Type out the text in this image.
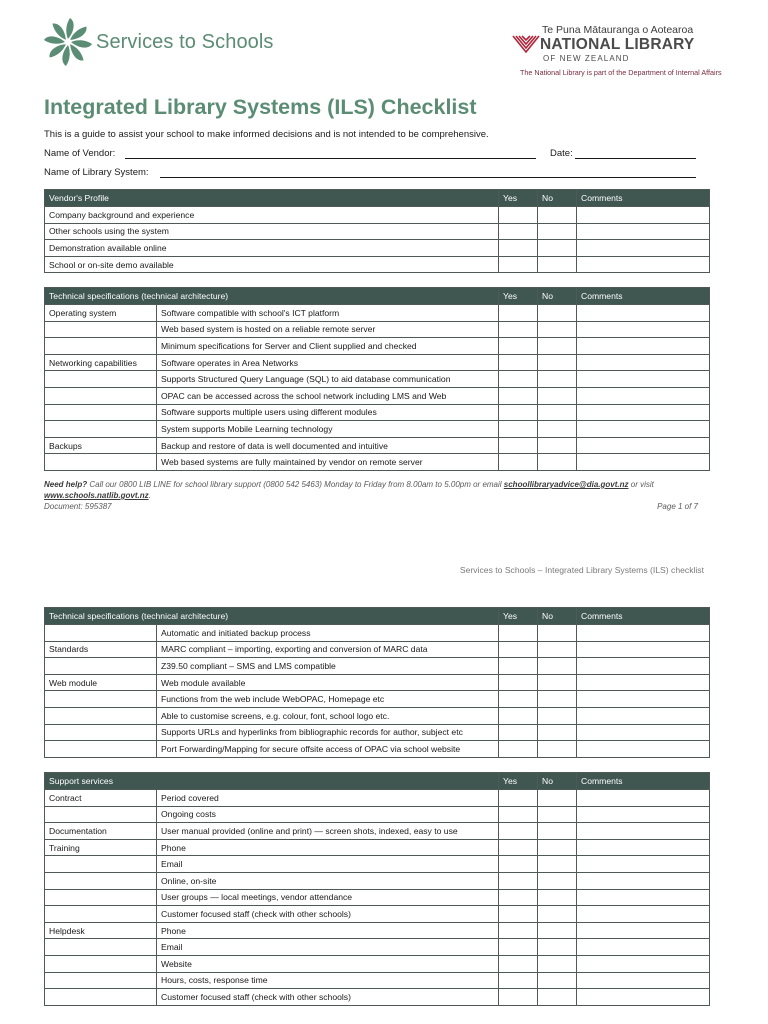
Services to Schools
Te Puna Mātauranga o Aotearoa
NATIONAL LIBRARY
OF NEW ZEALAND
The National Library is part of the Department of Internal Affairs
Integrated Library Systems (ILS) Checklist

This is a guide to assist your school to make informed decisions and is not intended to be comprehensive.

Name of Vendor:	Date:
Name of Library System:
Vendor's Profile	Yes	No	Comments
Company background and experience			
Other schools using the system			
Demonstration available online			
School or on-site demo available			
Technical specifications (technical architecture)		Yes	No	Comments
Operating system	Software compatible with school's ICT platform			
	Web based system is hosted on a reliable remote server			
	Minimum specifications for Server and Client supplied and checked			
Networking capabilities	Software operates in Area Networks			
	Supports Structured Query Language (SQL) to aid database communication			
	OPAC can be accessed across the school network including LMS and Web			
	Software supports multiple users using different modules			
	System supports Mobile Learning technology			
Backups	Backup and restore of data is well documented and intuitive			
	Web based systems are fully maintained by vendor on remote server			

Need help? Call our 0800 LIB LINE for school library support (0800 542 5463) Monday to Friday from 8.00am to 5.00pm or email schoollibraryadvice@dia.govt.nz or visit
www.schools.natlib.govt.nz.

Document: 595387	Page 1 of 7
Services to Schools – Integrated Library Systems (ILS) checklist
Technical specifications (technical architecture)		Yes	No	Comments
	Automatic and initiated backup process			
Standards	MARC compliant – importing, exporting and conversion of MARC data			
	Z39.50 compliant – SMS and LMS compatible			
Web module	Web module available			
	Functions from the web include WebOPAC, Homepage etc			
	Able to customise screens, e.g. colour, font, school logo etc.			
	Supports URLs and hyperlinks from bibliographic records for author, subject etc			
	Port Forwarding/Mapping for secure offsite access of OPAC via school website			
Support services		Yes	No	Comments
Contract	Period covered			
	Ongoing costs			
Documentation	User manual provided (online and print) — screen shots, indexed, easy to use			
Training	Phone			
	Email			
	Online, on-site			
	User groups — local meetings, vendor attendance			
	Customer focused staff (check with other schools)			
Helpdesk	Phone			
	Email			
	Website			
	Hours, costs, response time			
	Customer focused staff (check with other schools)			
